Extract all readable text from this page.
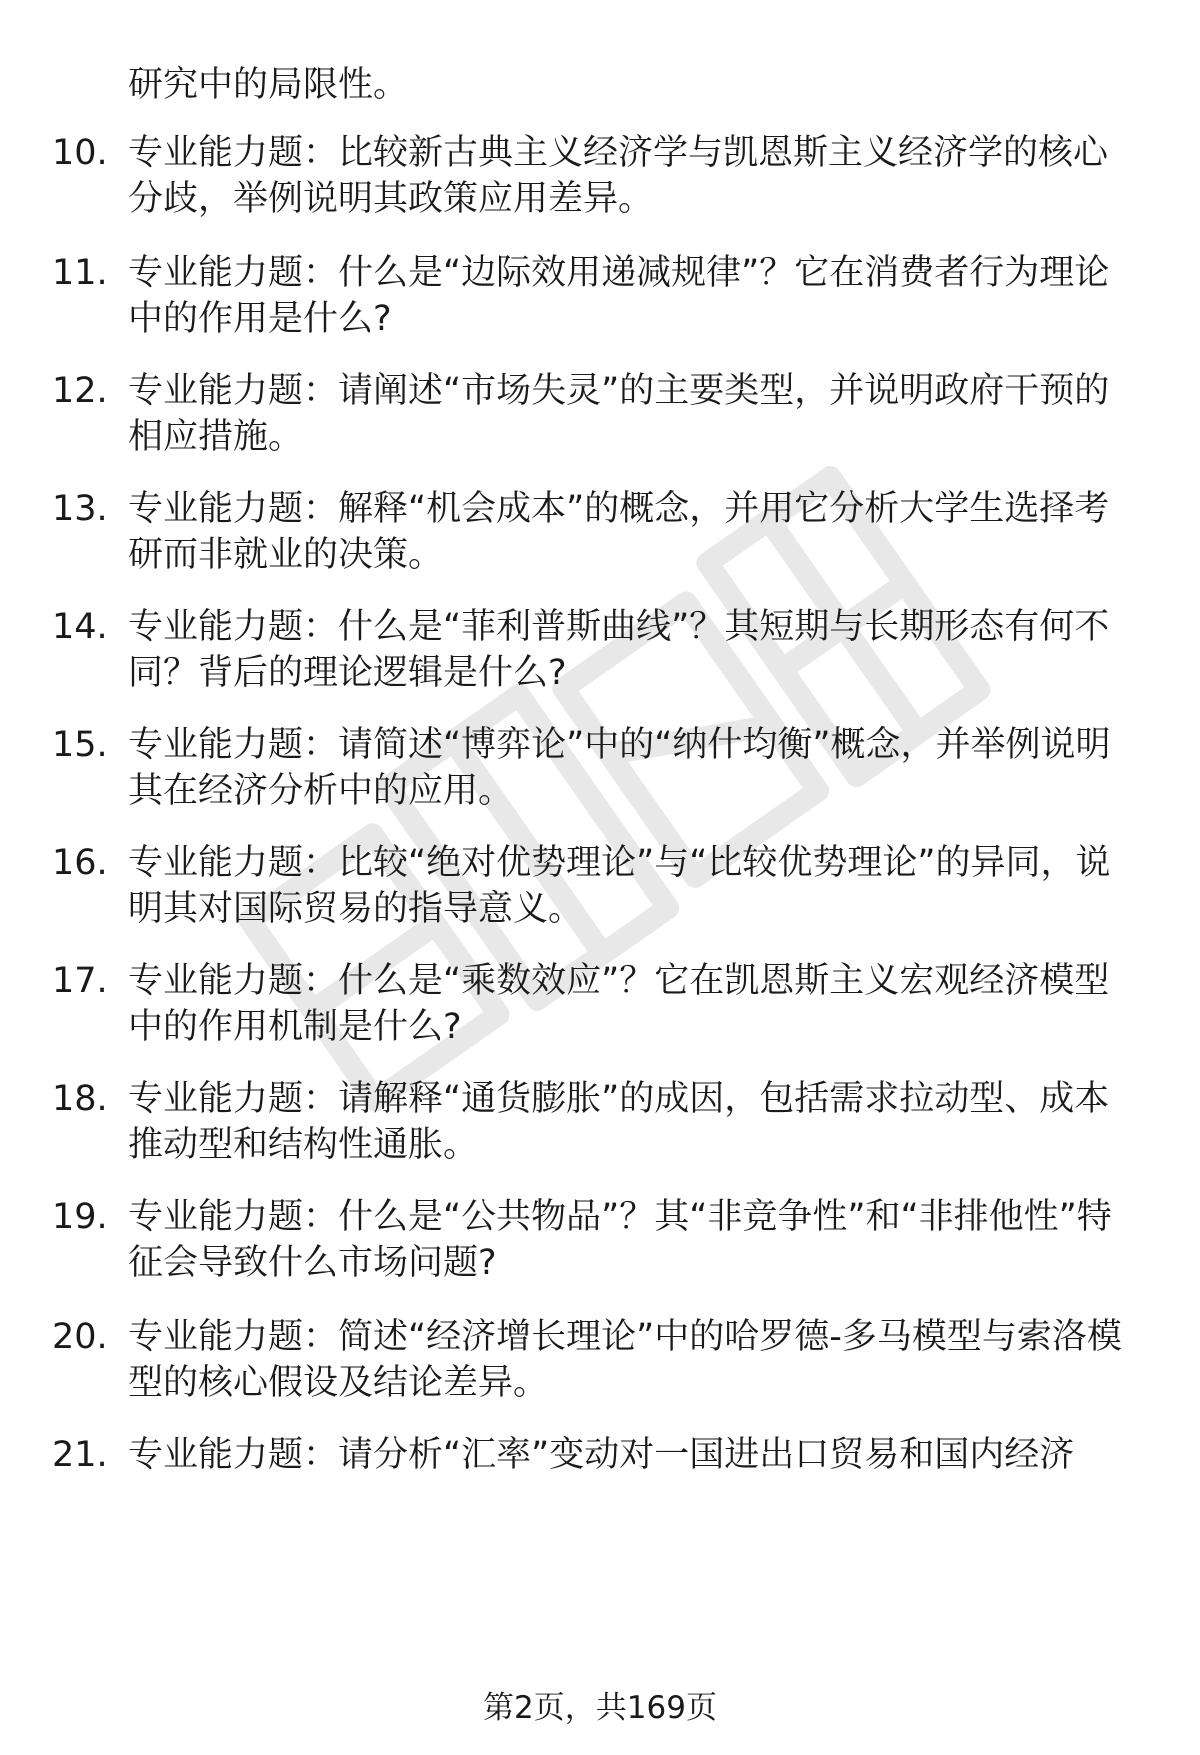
研究中的局限性。

10. 专业能力题：比较新古典主义经济学与凯恩斯主义经济学的核心分歧，举例说明其政策应用差异。
11. 专业能力题：什么是“边际效用递减规律”？它在消费者行为理论中的作用是什么?
12. 专业能力题：请阐述“市场失灵”的主要类型，并说明政府干预的相应措施。
13. 专业能力题：解释“机会成本”的概念，并用它分析大学生选择考研而非就业的决策。
14. 专业能力题：什么是“菲利普斯曲线”？其短期与长期形态有何不同？背后的理论逻辑是什么?
15. 专业能力题：请简述“博弈论”中的“纳什均衡”概念，并举例说明其在经济分析中的应用。
16. 专业能力题：比较“绝对优势理论”与“比较优势理论”的异同，说明其对国际贸易的指导意义。
17. 专业能力题：什么是“乘数效应”？它在凯恩斯主义宏观经济模型中的作用机制是什么?
18. 专业能力题：请解释“通货膨胀”的成因，包括需求拉动型、成本推动型和结构性通胀。
19. 专业能力题：什么是“公共物品”？其“非竞争性”和“非排他性”特征会导致什么市场问题?
20. 专业能力题：简述“经济增长理论”中的哈罗德-多马模型与索洛模型的核心假设及结论差异。
21. 专业能力题：请分析“汇率”变动对一国进出口贸易和国内经济
第2页，共169页
